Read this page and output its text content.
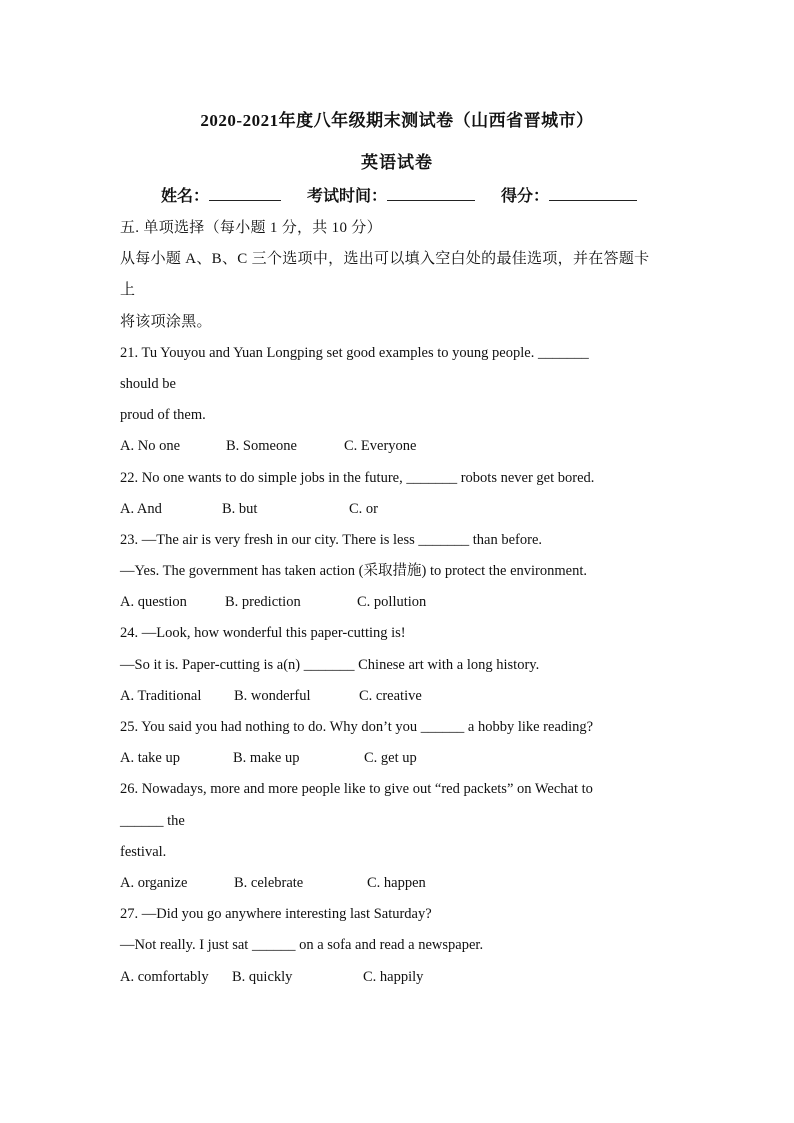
2020-2021年度八年级期末测试卷（山西省晋城市）
英语试卷
姓名：	考试时间：	得分：
五. 单项选择（每小题 1 分，共 10 分）
从每小题 A、B、C 三个选项中，选出可以填入空白处的最佳选项，并在答题卡
上
将该项涂黑。
21. Tu Youyou and Yuan Longping set good examples to young people. _______
should be
proud of them.
A. No one	B. Someone	C. Everyone
22. No one wants to do simple jobs in the future, _______ robots never get bored.
A. And	B. but	C. or
23. —The air is very fresh in our city. There is less _______ than before.
—Yes. The government has taken action (采取措施) to protect the environment.
A. question	B. prediction	C. pollution
24. —Look, how wonderful this paper-cutting is!
—So it is. Paper-cutting is a(n) _______ Chinese art with a long history.
A. Traditional B. wonderful	C. creative
25. You said you had nothing to do. Why don’t you ______ a hobby like reading?
A. take up	B. make up	C. get up
26. Nowadays, more and more people like to give out “red packets” on Wechat to
______ the
festival.
A. organize	B. celebrate	C. happen
27. —Did you go anywhere interesting last Saturday?
—Not really. I just sat ______ on a sofa and read a newspaper.
A. comfortably B. quickly	C. happily
